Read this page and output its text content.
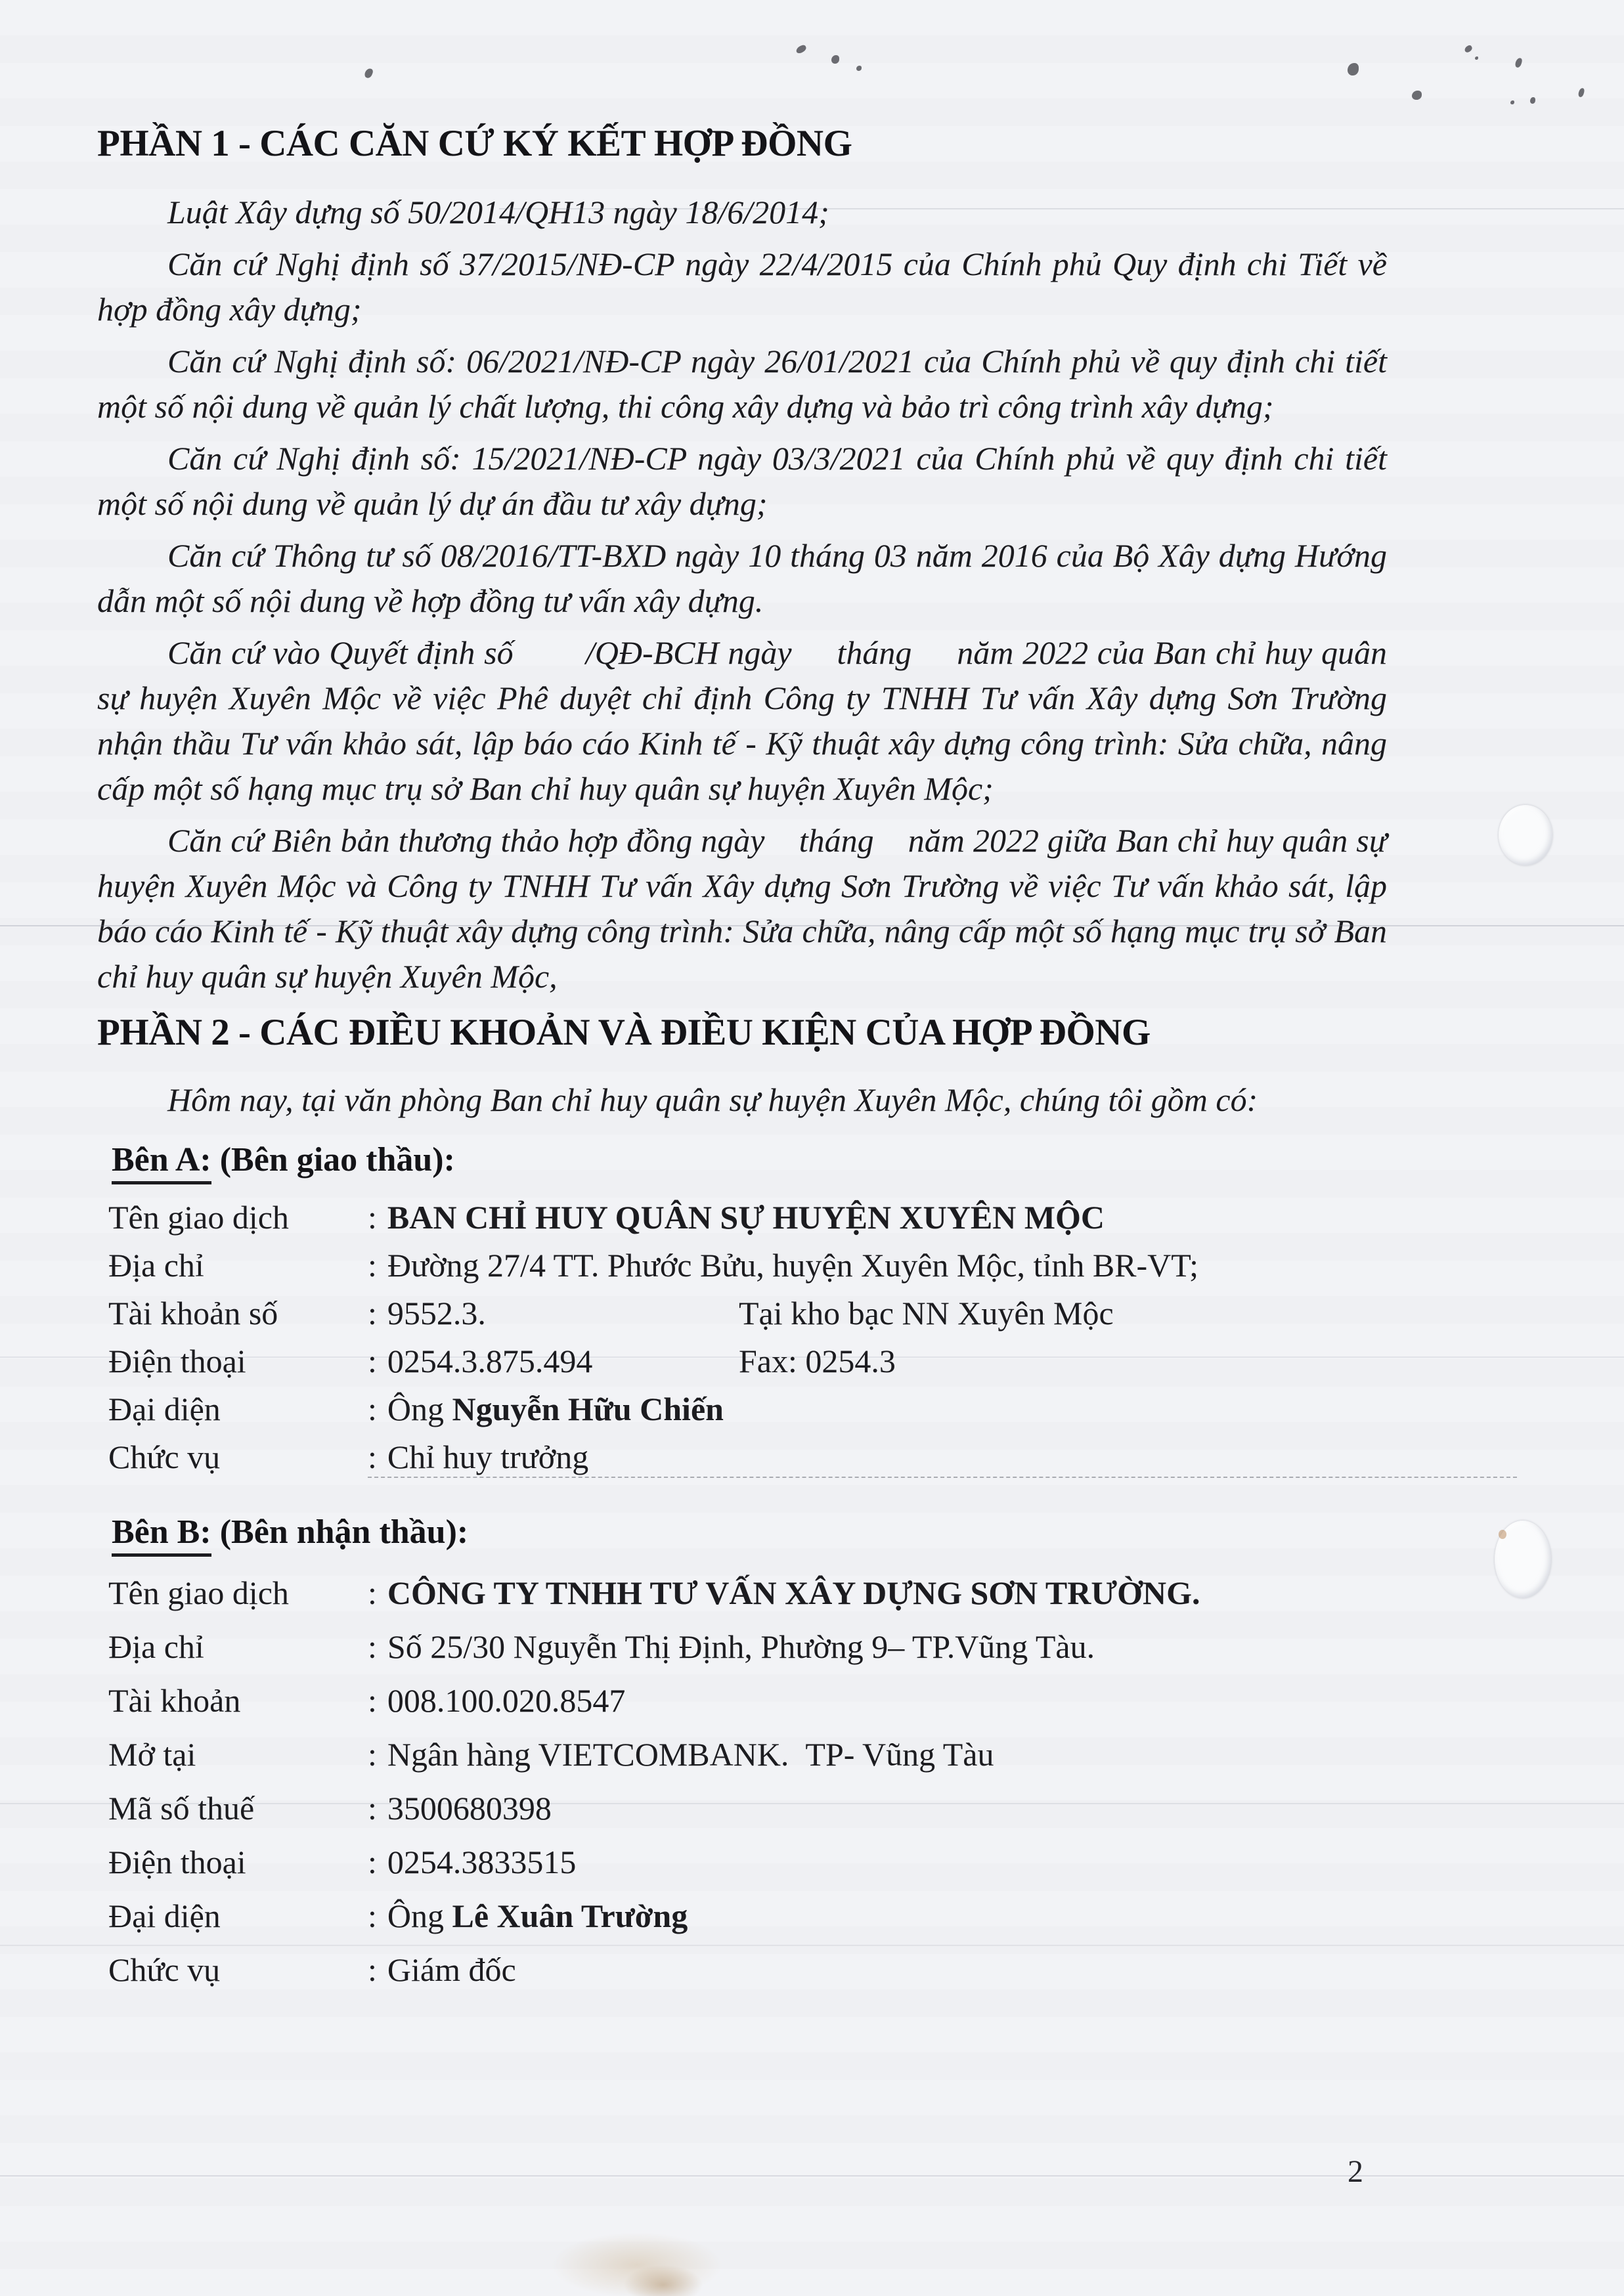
PHẦN 1 - CÁC CĂN CỨ KÝ KẾT HỢP ĐỒNG

Luật Xây dựng số 50/2014/QH13 ngày 18/6/2014;

Căn cứ Nghị định số 37/2015/NĐ-CP ngày 22/4/2015 của Chính phủ Quy định chi Tiết về hợp đồng xây dựng;

Căn cứ Nghị định số: 06/2021/NĐ-CP ngày 26/01/2021 của Chính phủ về quy định chi tiết một số nội dung về quản lý chất lượng, thi công xây dựng và bảo trì công trình xây dựng;

Căn cứ Nghị định số: 15/2021/NĐ-CP ngày 03/3/2021 của Chính phủ về quy định chi tiết một số nội dung về quản lý dự án đầu tư xây dựng;

Căn cứ Thông tư số 08/2016/TT-BXD ngày 10 tháng 03 năm 2016 của Bộ Xây dựng Hướng dẫn một số nội dung về hợp đồng tư vấn xây dựng.

Căn cứ vào Quyết định số        /QĐ-BCH ngày     tháng     năm 2022 của Ban chỉ huy quân sự huyện Xuyên Mộc về việc Phê duyệt chỉ định Công ty TNHH Tư vấn Xây dựng Sơn Trường nhận thầu Tư vấn khảo sát, lập báo cáo Kinh tế - Kỹ thuật xây dựng công trình: Sửa chữa, nâng cấp một số hạng mục trụ sở Ban chỉ huy quân sự huyện Xuyên Mộc;

Căn cứ Biên bản thương thảo hợp đồng ngày    tháng    năm 2022 giữa Ban chỉ huy quân sự huyện Xuyên Mộc và Công ty TNHH Tư vấn Xây dựng Sơn Trường về việc Tư vấn khảo sát, lập báo cáo Kinh tế - Kỹ thuật xây dựng công trình: Sửa chữa, nâng cấp một số hạng mục trụ sở Ban chỉ huy quân sự huyện Xuyên Mộc,

PHẦN 2 - CÁC ĐIỀU KHOẢN VÀ ĐIỀU KIỆN CỦA HỢP ĐỒNG

Hôm nay, tại văn phòng Ban chỉ huy quân sự huyện Xuyên Mộc, chúng tôi gồm có:

Bên A: (Bên giao thầu):
Tên giao dịch	: BAN CHỈ HUY QUÂN SỰ HUYỆN XUYÊN MỘC
Địa chỉ	: Đường 27/4 TT. Phước Bửu, huyện Xuyên Mộc, tỉnh BR-VT;
Tài khoản số	: 9552.3.	Tại kho bạc NN Xuyên Mộc
Điện thoại	: 0254.3.875.494	Fax: 0254.3
Đại diện	: Ông Nguyễn Hữu Chiến
Chức vụ	: Chỉ huy trưởng
Bên B: (Bên nhận thầu):
Tên giao dịch	: CÔNG TY TNHH TƯ VẤN XÂY DỰNG SƠN TRƯỜNG.
Địa chỉ	: Số 25/30 Nguyễn Thị Định, Phường 9– TP.Vũng Tàu.
Tài khoản	: 008.100.020.8547
Mở tại	: Ngân hàng VIETCOMBANK.  TP- Vũng Tàu
Mã số thuế	: 3500680398
Điện thoại	: 0254.3833515
Đại diện	: Ông Lê Xuân Trường
Chức vụ	: Giám đốc
2
